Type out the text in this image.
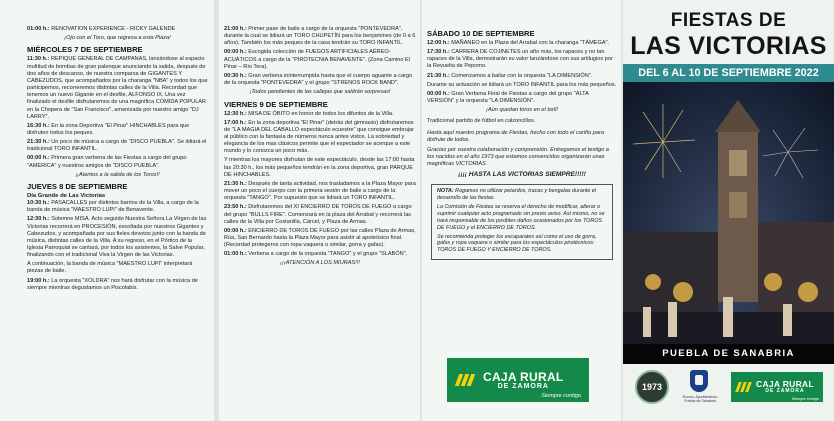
01:00 h.: RENOVATION EXPERIENCE - RICKY GALENDE
¡Ojo con el Toro, que regresa a esta Plaza!
MIÉRCOLES 7 DE SEPTIEMBRE
11:30 h.: REPIQUE GENERAL DE CAMPANAS, lanzándose al espacio multitud de bombas de gran palenque anunciando la salida, después de dos años de descanso, de nuestra comparsa de GIGANTES Y CABEZUDOS, que acompañados por la charanga "NBA" y todos los que participemos, recorreremos distintas calles de la Villa. Recordad que tenemos un nuevo Gigante en el desfile, ALFONSO IX. Una vez finalizado el desfile disfrutaremos de una magnífica COMIDA POPULAR en la Chopera de "San Francisco", amenizada por nuestro amigo "DJ LARRY".
16:30 h.: En la zona Deportiva "El Pinar" HINCHABLES para que disfruten todos los peques.
21:30 h.: Un poco de música a cargo de "DISCO PUEBLA". Se lidiará el tradicional TORO INFANTIL.
00:00 h.: Primera gran verbena de las Fiestas a cargo del grupo "AMÉRICA" y nuestros amigos de "DISCO PUEBLA".
¡¡Atentos a la salida de los Toros!!
JUEVES 8 DE SEPTIEMBRE
Día Grande de Las Victorias
10:30 h.: PASACALLES por distintos barrios de la Villa, a cargo de la banda de música "MAESTRO LUPI" de Benavente.
12:30 h.: Solemne MISA. Acto seguido Nuestra Señora La Virgen de las Victorias recorrerá en PROCESIÓN, escoltada por nuestros Gigantes y Cabezudos, y acompañada por sus fieles devotos junto con la banda de música, distintas calles de la Villa. A su regreso, en el Pórtico de la Iglesia Parroquial se cantará, por todos los asistentes, la Salve Popular, finalizando con el tradicional Viva la Virgen de las Victorias.
A continuación, la banda de música "MAESTRO LUPI" interpretará piezas de baile.
19:00 h.: La orquesta "XOLDRA" nos hará disfrutar con la música de siempre mientras degustamos un Piscolabis.
21:00 h.: Primer pase de baile a cargo de la orquesta "PONTEVEDRA", durante la cual se lidiará un TORO CHUPETÍN para los benjamines (de 0 a 6 años). También los más peques de la casa tendrán su TORO INFANTIL.
00:00 h.: Escogida colección de FUEGOS ARTIFICIALES AÉREO-ACUÁTICOS a cargo de la "PIROTECNIA BENAVENTE". (Zona Camino El Pinar – Río Tera).
00:30 h.: Gran verbena ininterrumpida hasta que el cuerpo aguante a cargo de la orquesta "PONTEVEDRA" y el grupo "STRENOS ROCK BAND".
¡Todos pendientes de las callejas que saldrán sorpresas!
VIERNES 9 DE SEPTIEMBRE
12:30 h.: MISA DE ÓBITO en honor de todos los difuntos de la Villa.
17:00 h.: En la zona deportiva "El Pinar" (detrás del gimnasio) disfrutaremos de "LA MAGIA DEL CABALLO espectáculo ecuestre" que consigue embrujar al público con la fantasía de números nunca antes vistos. La sobriedad y elegancia de los mas clásicos permite que el espectador se acerque a este mundo y lo conozca un poco más.
Y mientras los mayores disfrutan de este espectáculo, desde las 17:00 hasta las 20:30 h., los más pequeños tendrán en la zona deportiva, gran PARQUE DE HINCHABLES.
21:30 h.: Después de tanta actividad, nos trasladamos a la Plaza Mayor para mover un poco el cuerpo con la primera sesión de baile a cargo de la orquesta "TANGO". Por supuesto que se lidiará un TORO INFANTIL.
23:50 h.: Disfrutaremos del XI ENCIERRO DE TOROS DE FUEGO a cargo del grupo "BULLS FIRE". Comenzará en la plaza del Arrabal y recorrerá las calles de la Villa por Costanilla, Cárcel, y Plaza de Armas.
00:00 h.: ENCIERRO DE TOROS DE FUEGO por las calles Plaza de Armas, Rúa, San Bernardo hasta la Plaza Mayor para asistir al apoteósico final. (Recordad protegeros con ropa vaquera o similar, gorra y gafas).
01:00 h.: Verbena a cargo de la orquesta "TANGO" y el grupo "SLABÓN".
¡¡¡ATENCIÓN A LOS MIURAS!!!
SÁBADO 10 DE SEPTIEMBRE
12:00 h.: MAÑANEO en la Plaza del Arrabal con la charanga "TÁMEGA".
17:30 h.: CARRERA DE COJINETES un año más, los rapaces y no tan rapaces de la Villa, demostrarán su valor lanzándose con sus artilugios por la Revuelta de Pepomo.
21:30 h.: Comenzamos a bailar con la orquesta "LA DIMENSIÓN".
Durante su actuación se lidiará un TORO INFANTIL para los más pequeños.
00:00 h.: Gran Verbena Final de Fiestas a cargo del grupo "ALTA VERSIÓN" y la orquesta "LA DIMENSIÓN".
¡Aún quedan toros en el toril!
Tradicional partido de fútbol en calzoncillos.
Hasta aquí nuestro programa de Fiestas, hecho con todo el cariño para disfrute de todos.
Gracias por vuestra colaboración y comprensión. Entregamos el testigo a los nacidos en el año 1973 que estamos convencidos organizarán unas magníficas VICTORIAS.
¡¡¡¡ HASTA LAS VICTORIAS SIEMPRE!!!!!

NOTA: Rogamos no utilizar petardos, tracas y bengalas durante el desarrollo de las fiestas.

La Comisión de Fiestas se reserva el derecho de modificar, alterar o suprimir cualquier acto programado sin previo aviso. Así mismo, no se hará responsable de los posibles daños ocasionados por los TOROS DE FUEGO y el ENCIERRO DE TOROS.

Se recomienda proteger los escaparates así como el uso de gorra, gafas y ropa vaquera o similar para los espectáculos pirotécnicos: TOROS DE FUEGO Y ENCIERRO DE TOROS.

CAJA RURAL
DE ZAMORA
Siempre contigo
FIESTAS DE
LAS VICTORIAS
DEL 6 AL 10 DE SEPTIEMBRE 2022
PUEBLA DE SANABRIA
1973
Excmo. Ayuntamiento Puebla de Sanabria
CAJA RURAL
DE ZAMORA
Siempre contigo
